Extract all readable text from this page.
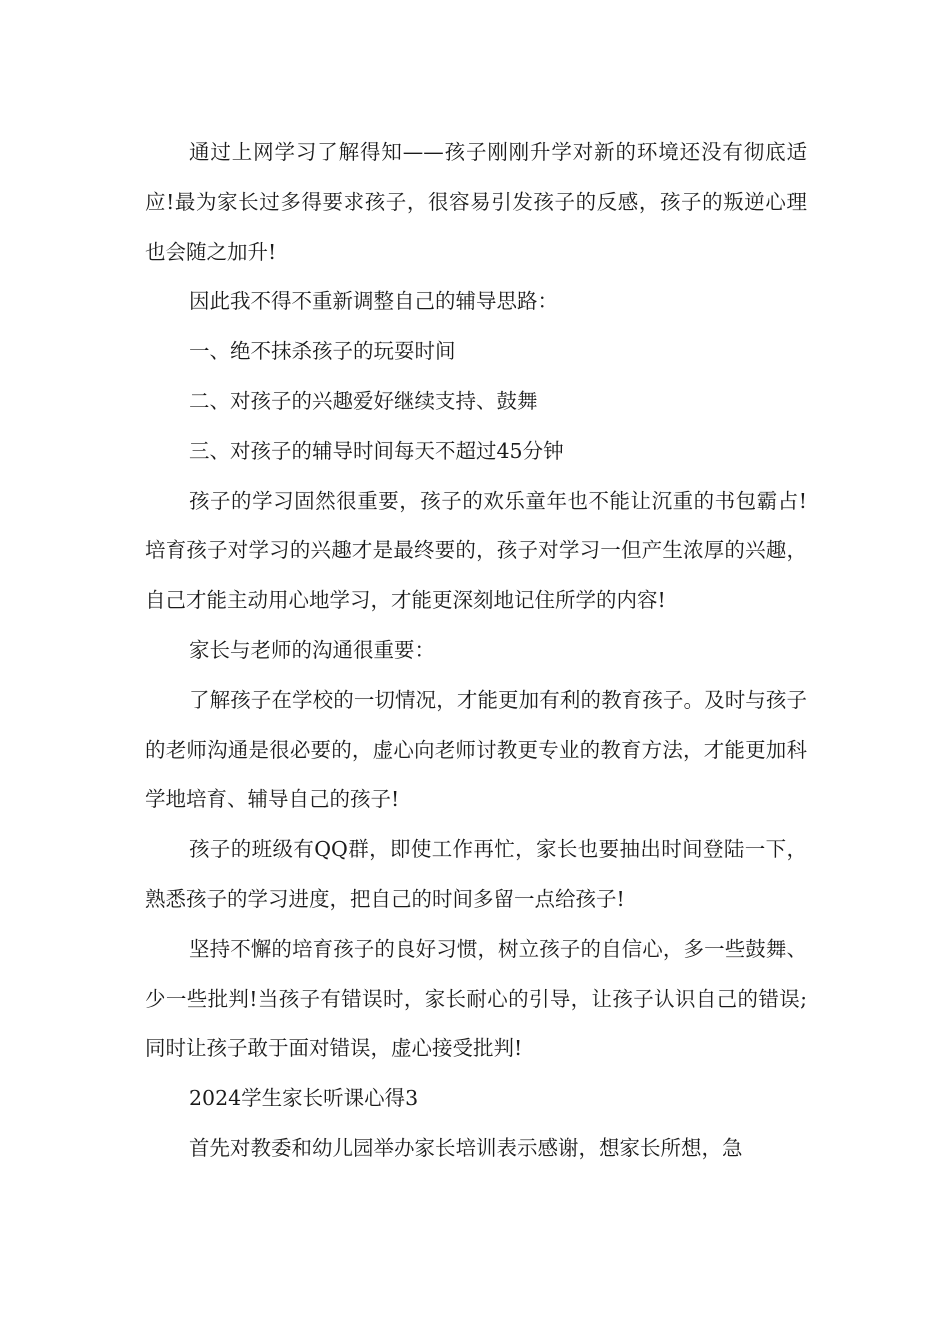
通过上网学习了解得知——孩子刚刚升学对新的环境还没有彻底适应!最为家长过多得要求孩子，很容易引发孩子的反感，孩子的叛逆心理也会随之加升!

因此我不得不重新调整自己的辅导思路：

一、绝不抹杀孩子的玩耍时间

二、对孩子的兴趣爱好继续支持、鼓舞

三、对孩子的辅导时间每天不超过45分钟

孩子的学习固然很重要，孩子的欢乐童年也不能让沉重的书包霸占!培育孩子对学习的兴趣才是最终要的，孩子对学习一但产生浓厚的兴趣，自己才能主动用心地学习，才能更深刻地记住所学的内容!

家长与老师的沟通很重要：

了解孩子在学校的一切情况，才能更加有利的教育孩子。及时与孩子的老师沟通是很必要的，虚心向老师讨教更专业的教育方法，才能更加科学地培育、辅导自己的孩子!

孩子的班级有QQ群，即使工作再忙，家长也要抽出时间登陆一下，熟悉孩子的学习进度，把自己的时间多留一点给孩子!

坚持不懈的培育孩子的良好习惯，树立孩子的自信心，多一些鼓舞、少一些批判!当孩子有错误时，家长耐心的引导，让孩子认识自己的错误;同时让孩子敢于面对错误，虚心接受批判!

2024学生家长听课心得3

首先对教委和幼儿园举办家长培训表示感谢，想家长所想，急
